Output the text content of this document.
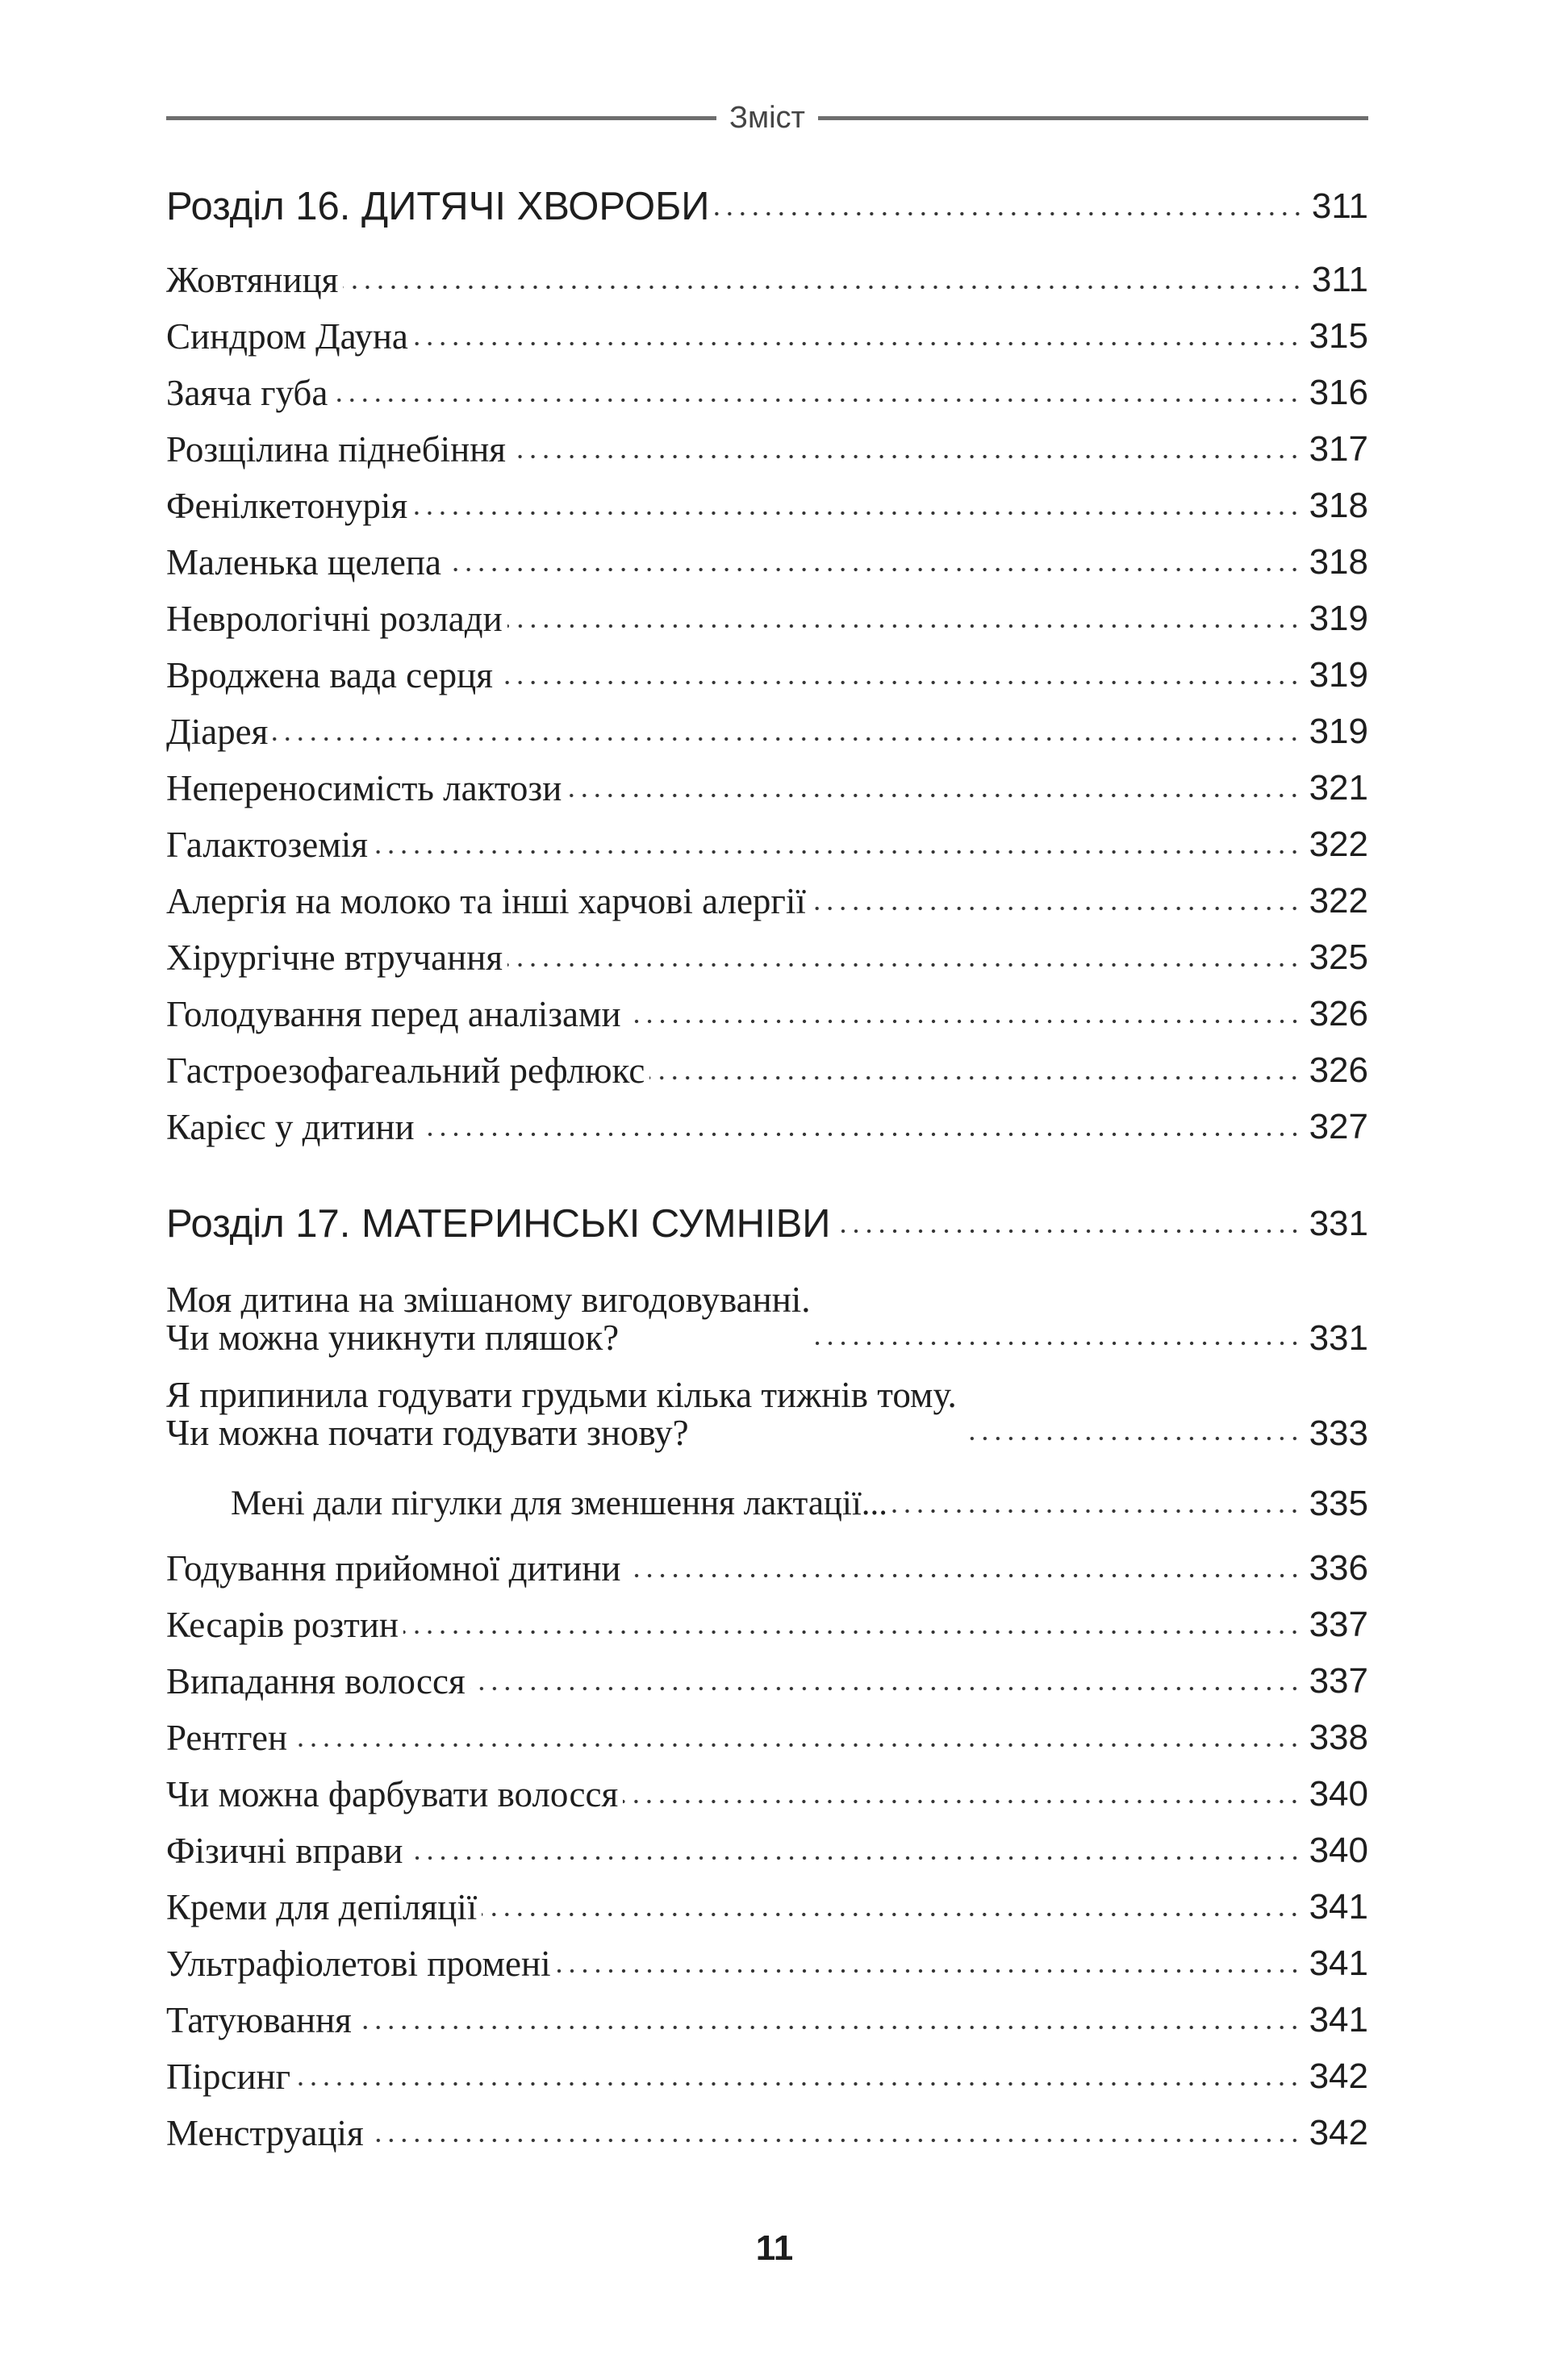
Зміст
Розділ 16. ДИТЯЧІ ХВОРОБИ	311
Жовтяниця	311
Синдром Дауна	315
Заяча губа	316
Розщілина піднебіння	317
Фенілкетонурія	318
Маленька щелепа	318
Неврологічні розлади	319
Вроджена вада серця	319
Діарея	319
Непереносимість лактози	321
Галактоземія	322
Алергія на молоко та інші харчові алергії	322
Хірургічне втручання	325
Голодування перед аналізами	326
Гастроезофагеальний рефлюкс	326
Карієс у дитини	327
Розділ 17. МАТЕРИНСЬКІ СУМНІВИ	331
Моя дитина на змішаному вигодовуванні.
Чи можна уникнути пляшок?	331
Я припинила годувати грудьми кілька тижнів тому.
Чи можна почати годувати знову?	333
Мені дали пігулки для зменшення лактації...	335
Годування прийомної дитини	336
Кесарів розтин	337
Випадання волосся	337
Рентген	338
Чи можна фарбувати волосся	340
Фізичні вправи	340
Креми для депіляції	341
Ультрафіолетові промені	341
Татуювання	341
Пірсинг	342
Менструація	342
11
